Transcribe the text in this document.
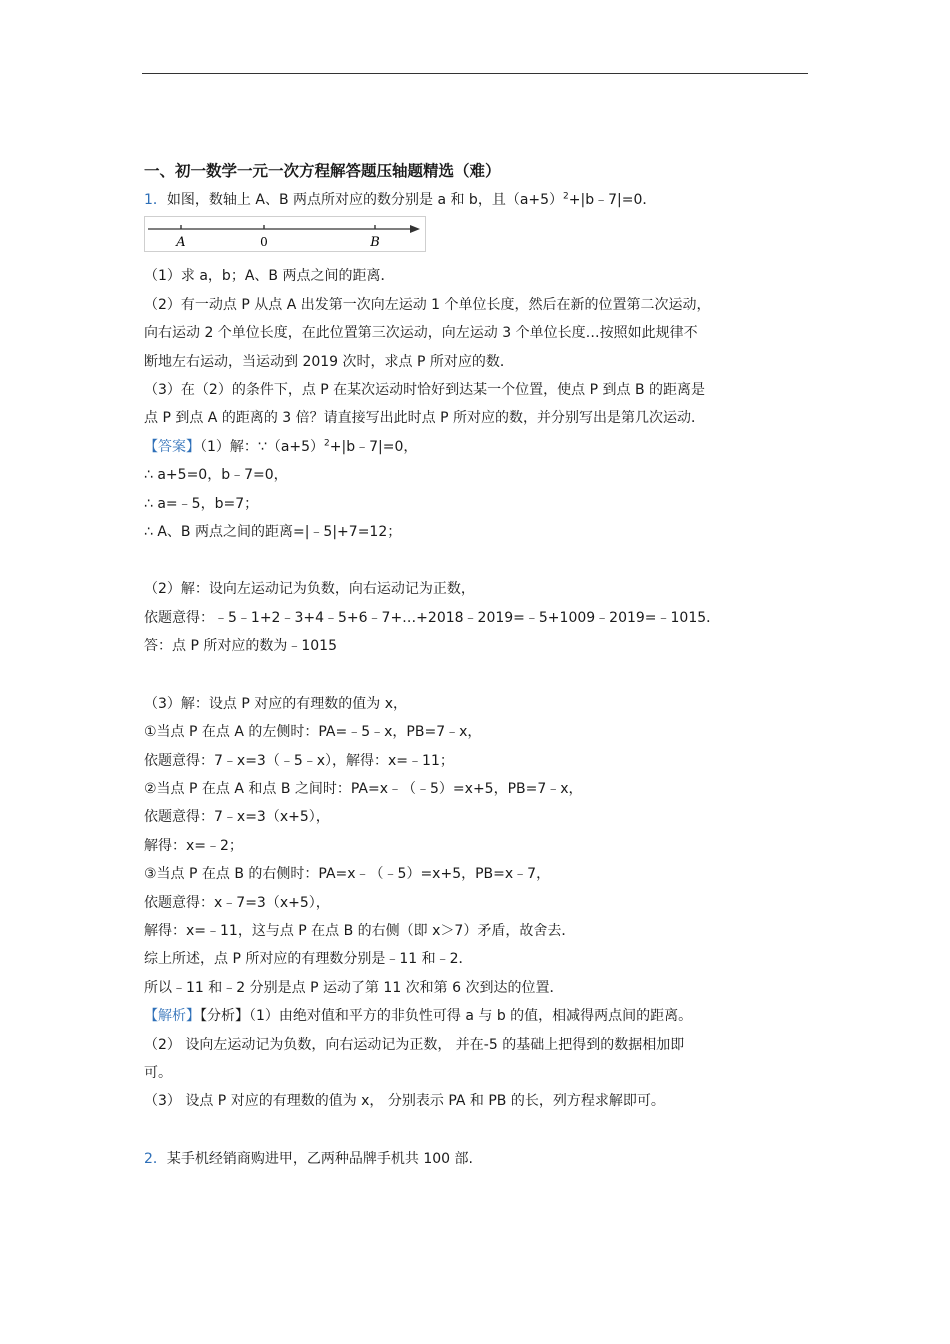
一、初一数学一元一次方程解答题压轴题精选（难）
1．如图，数轴上 A、B 两点所对应的数分别是 a 和 b，且$(a+5)^2+|b﹣7|=0$．
A	0	B
（1）求 a，b；A、B 两点之间的距离．
（2）有一动点 P 从点 A 出发第一次向左运动 1 个单位长度，然后在新的位置第二次运动，
向右运动 2 个单位长度，在此位置第三次运动，向左运动 3 个单位长度…按照如此规律不
断地左右运动，当运动到 2019 次时，求点 P 所对应的数．
（3）在（2）的条件下，点 P 在某次运动时恰好到达某一个位置，使点 P 到点 B 的距离是
点 P 到点 A 的距离的 3 倍？请直接写出此时点 P 所对应的数，并分别写出是第几次运动．
【答案】（1）解：$\because(a+5)^2+|b﹣7|=0$，
∴ a+5=0，b﹣7=0，
∴ a=﹣5，b=7；
∴ A、B 两点之间的距离=|﹣5|+7=12；
（2）解：设向左运动记为负数，向右运动记为正数，
依题意得：﹣5﹣1+2﹣3+4﹣5+6﹣7+…+2018﹣2019=﹣5+1009﹣2019=﹣1015．
答：点 P 所对应的数为﹣1015
（3）解：设点 P 对应的有理数的值为 x，
①当点 P 在点 A 的左侧时：PA=﹣5﹣x，PB=7﹣x，
依题意得：7﹣x=3（﹣5﹣x），解得：x=﹣11；
②当点 P 在点 A 和点 B 之间时：PA=x﹣（﹣5）=x+5，PB=7﹣x，
依题意得：7﹣x=3（x+5），
解得：x=﹣2；
③当点 P 在点 B 的右侧时：PA=x﹣（﹣5）=x+5，PB=x﹣7，
依题意得：x﹣7=3（x+5），
解得：x=﹣11，这与点 P 在点 B 的右侧（即 x＞7）矛盾，故舍去．
综上所述，点 P 所对应的有理数分别是﹣11 和﹣2．
所以﹣11 和﹣2 分别是点 P 运动了第 11 次和第 6 次到达的位置．
【解析】【分析】（1）由绝对值和平方的非负性可得 a 与 b 的值，相减得两点间的距离。
（2） 设向左运动记为负数，向右运动记为正数， 并在-5 的基础上把得到的数据相加即
可。
（3） 设点 P 对应的有理数的值为 x， 分别表示 PA 和 PB 的长，列方程求解即可。
2．某手机经销商购进甲，乙两种品牌手机共 100 部.
